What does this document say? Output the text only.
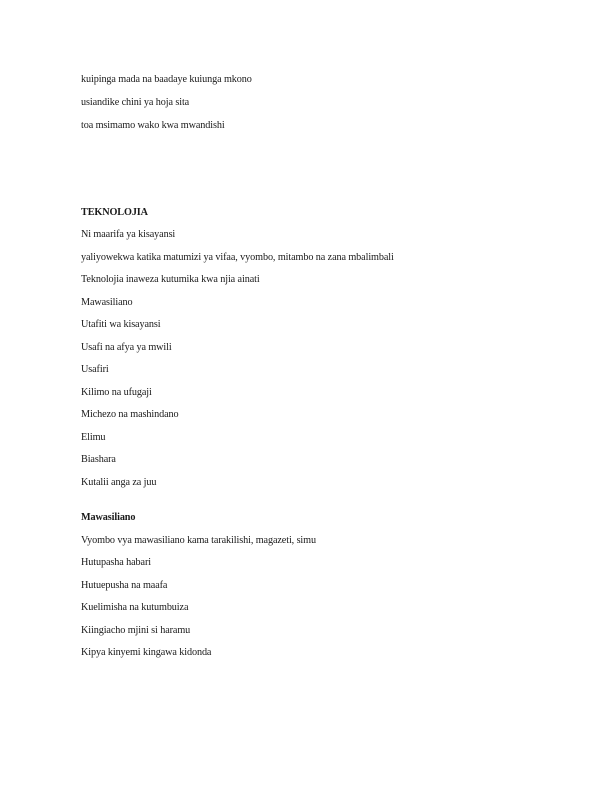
kuipinga mada na baadaye kuiunga mkono
usiandike chini ya hoja sita
toa msimamo wako kwa mwandishi
TEKNOLOJIA
Ni maarifa ya kisayansi
yaliyowekwa katika matumizi ya vifaa, vyombo, mitambo na zana mbalimbali
Teknolojia inaweza kutumika kwa njia ainati
Mawasiliano
Utafiti wa kisayansi
Usafi na afya ya mwili
Usafiri
Kilimo na ufugaji
Michezo na mashindano
Elimu
Biashara
Kutalii anga za juu
Mawasiliano
Vyombo vya mawasiliano kama tarakilishi, magazeti, simu
Hutupasha habari
Hutuepusha na maafa
Kuelimisha na kutumbuiza
Kiingiacho mjini si haramu
Kipya kinyemi kingawa kidonda
